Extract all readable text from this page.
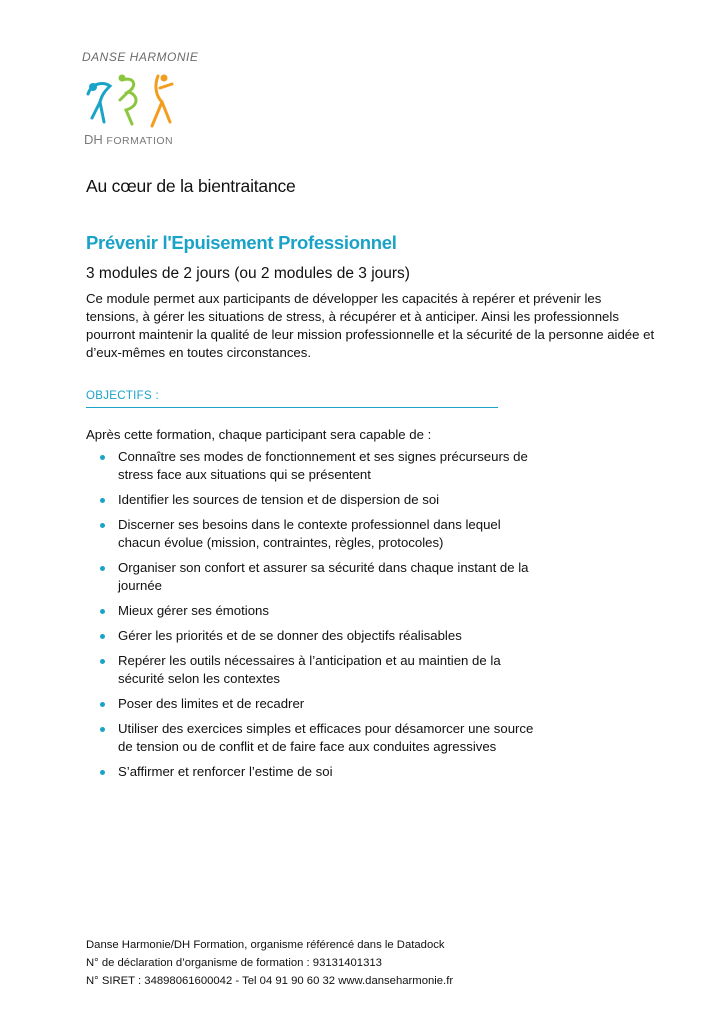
DANSE HARMONIE
DH FORMATION
Au cœur de la bientraitance
Prévenir l'Epuisement Professionnel
3 modules de 2 jours (ou 2 modules de 3 jours)
Ce module permet aux participants de développer les capacités à repérer et prévenir les tensions, à gérer les situations de stress, à récupérer et à anticiper. Ainsi les professionnels pourront maintenir la qualité de leur mission professionnelle et la sécurité de la personne aidée et d’eux-mêmes en toutes circonstances.
OBJECTIFS :
Après cette formation, chaque participant sera capable de :
Connaître ses modes de fonctionnement et ses signes précurseurs de stress face aux situations qui se présentent
Identifier les sources de tension et de dispersion de soi
Discerner ses besoins dans le contexte professionnel dans lequel chacun évolue (mission, contraintes, règles, protocoles)
Organiser son confort et assurer sa sécurité dans chaque instant de la journée
Mieux gérer ses émotions
Gérer les priorités et de se donner des objectifs réalisables
Repérer les outils nécessaires à l’anticipation et au maintien de la sécurité selon les contextes
Poser des limites et de recadrer
Utiliser des exercices simples et efficaces pour désamorcer une source de tension ou de conflit et de faire face aux conduites agressives
S’affirmer et renforcer l’estime de soi
Danse Harmonie/DH Formation, organisme référencé dans le Datadock
N° de déclaration d’organisme de formation : 93131401313
N° SIRET : 34898061600042 - Tel 04 91 90 60 32 www.danseharmonie.fr
